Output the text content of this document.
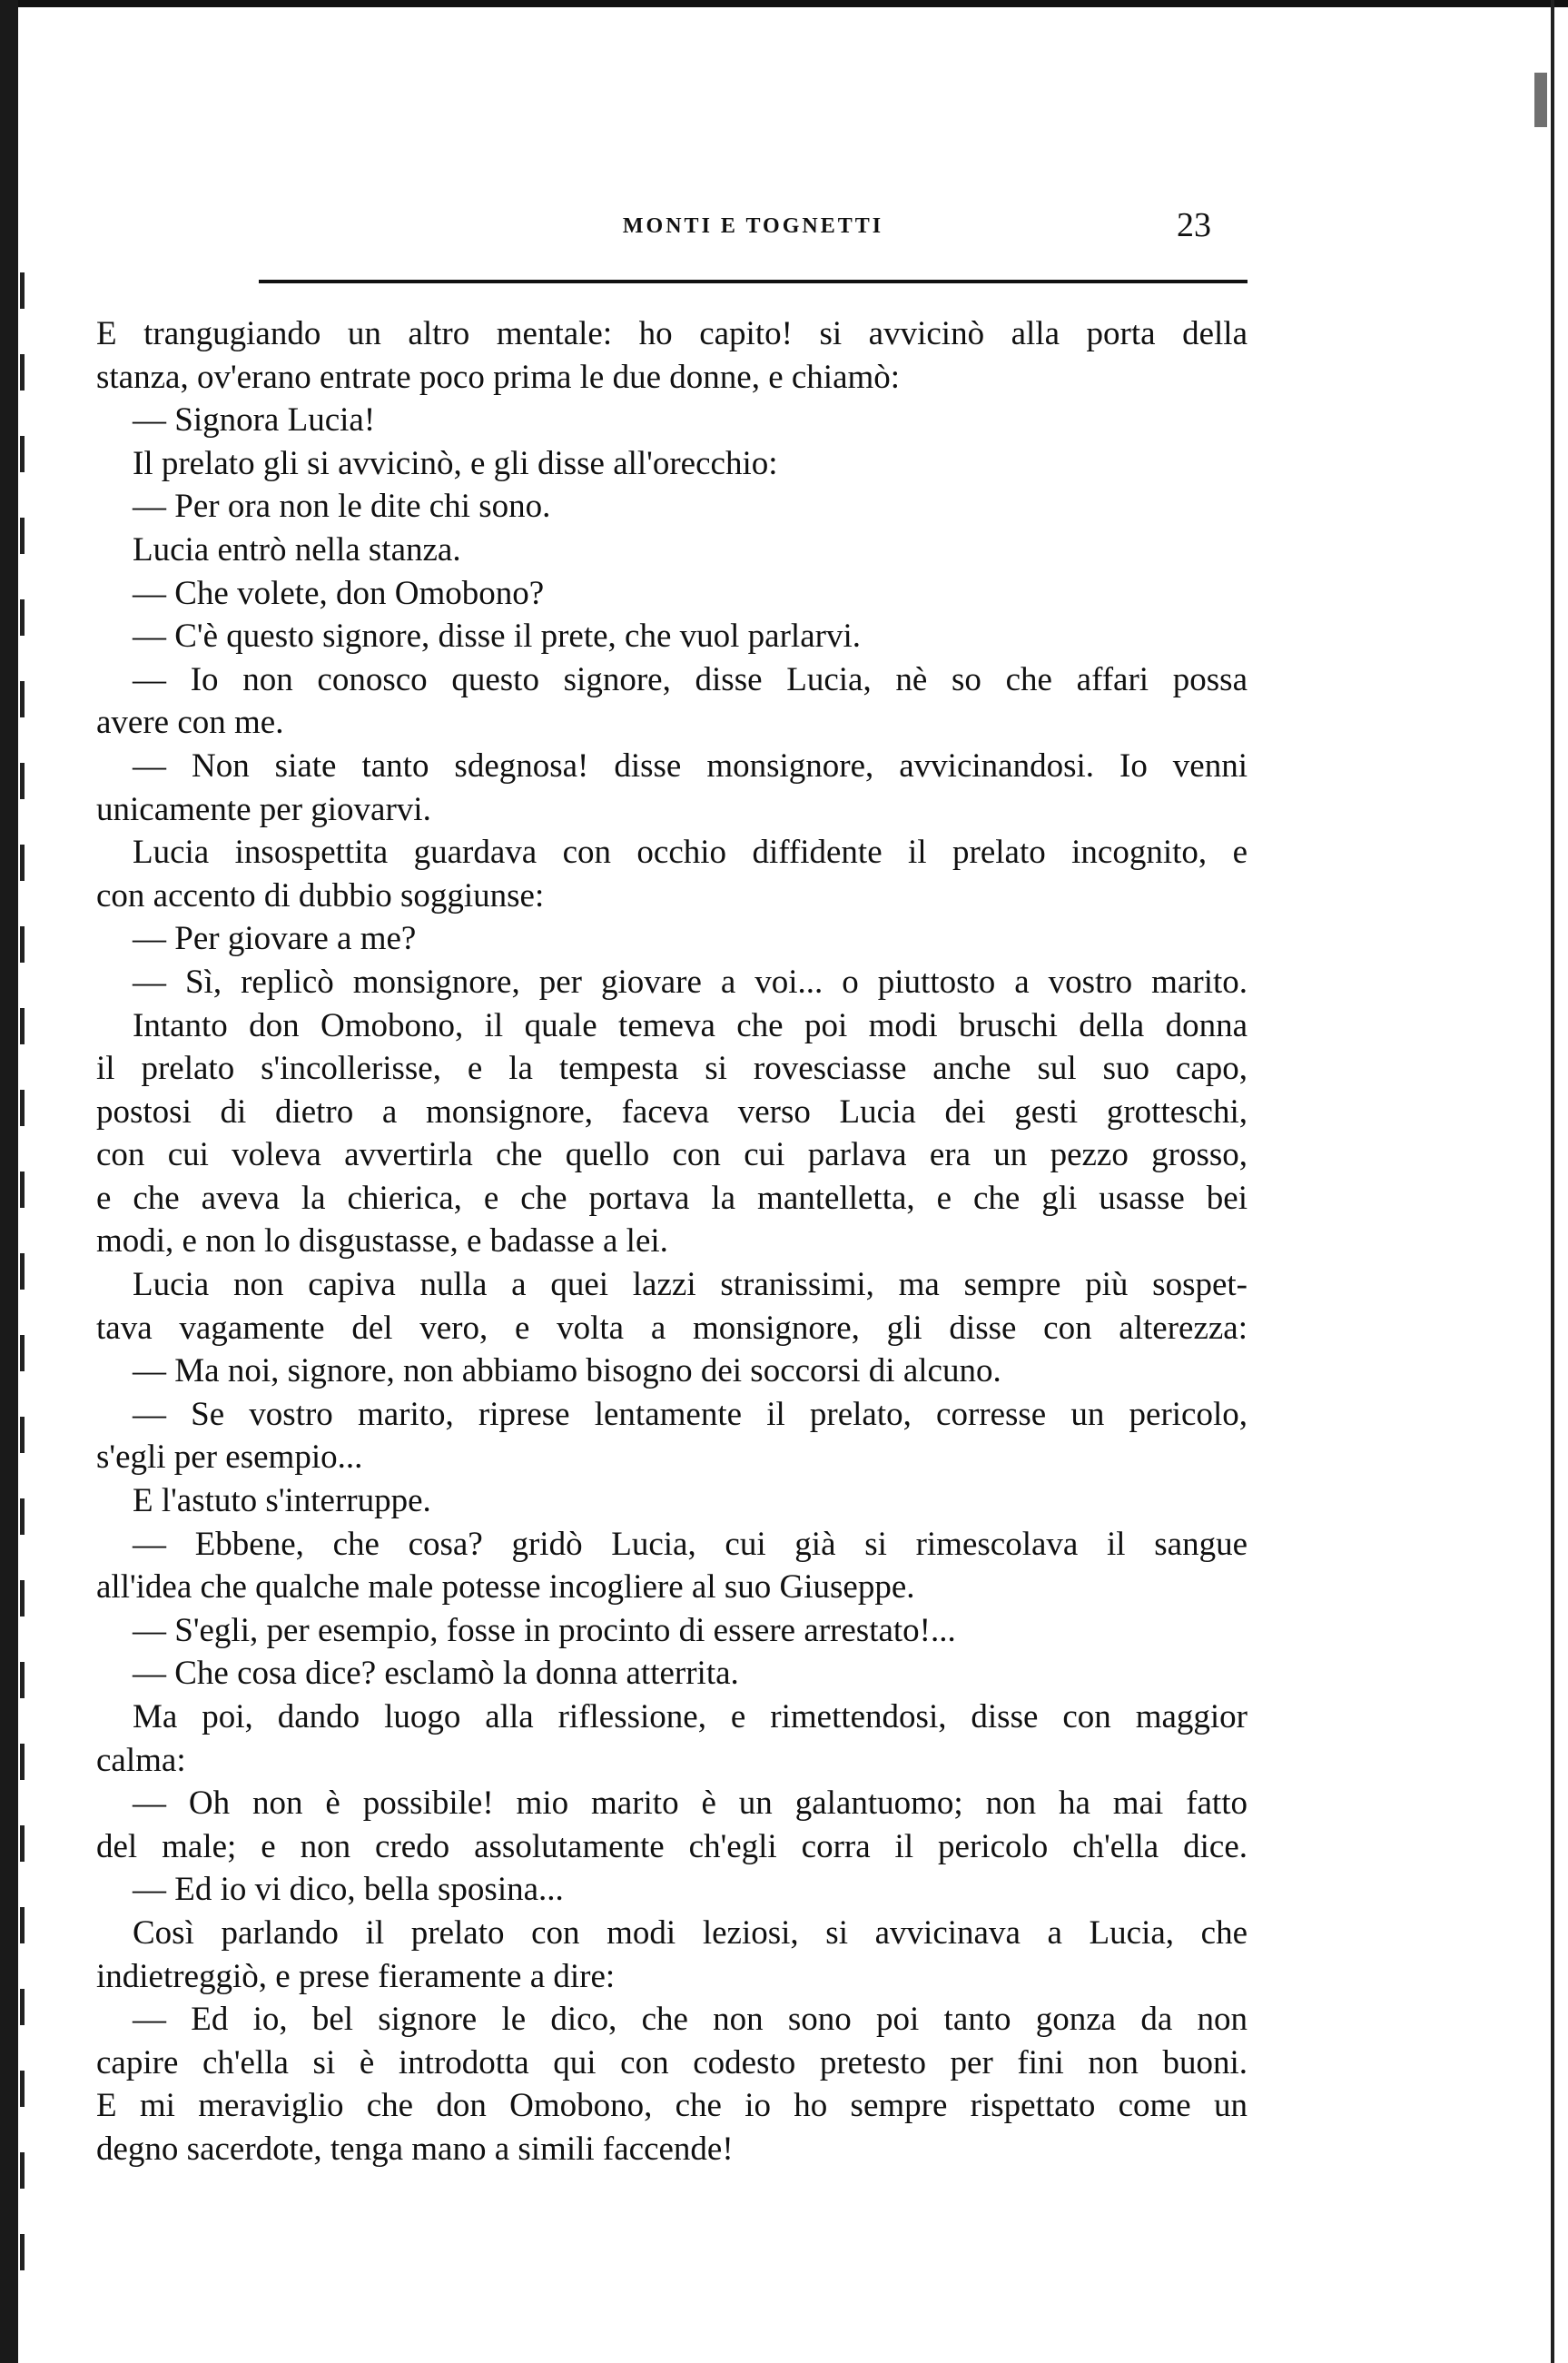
MONTI E TOGNETTI	23
E trangugiando un altro mentale: ho capito! si avvicinò alla porta della
stanza, ov'erano entrate poco prima le due donne, e chiamò:
— Signora Lucia!
Il prelato gli si avvicinò, e gli disse all'orecchio:
— Per ora non le dite chi sono.
Lucia entrò nella stanza.
— Che volete, don Omobono?
— C'è questo signore, disse il prete, che vuol parlarvi.
— Io non conosco questo signore, disse Lucia, nè so che affari possa
avere con me.
— Non siate tanto sdegnosa! disse monsignore, avvicinandosi. Io venni
unicamente per giovarvi.
Lucia insospettita guardava con occhio diffidente il prelato incognito, e
con accento di dubbio soggiunse:
— Per giovare a me?
— Sì, replicò monsignore, per giovare a voi... o piuttosto a vostro marito.
Intanto don Omobono, il quale temeva che poi modi bruschi della donna
il prelato s'incollerisse, e la tempesta si rovesciasse anche sul suo capo,
postosi di dietro a monsignore, faceva verso Lucia dei gesti grotteschi,
con cui voleva avvertirla che quello con cui parlava era un pezzo grosso,
e che aveva la chierica, e che portava la mantelletta, e che gli usasse bei
modi, e non lo disgustasse, e badasse a lei.
Lucia non capiva nulla a quei lazzi stranissimi, ma sempre più sospet-
tava vagamente del vero, e volta a monsignore, gli disse con alterezza:
— Ma noi, signore, non abbiamo bisogno dei soccorsi di alcuno.
— Se vostro marito, riprese lentamente il prelato, corresse un pericolo,
s'egli per esempio...
E l'astuto s'interruppe.
— Ebbene, che cosa? gridò Lucia, cui già si rimescolava il sangue
all'idea che qualche male potesse incogliere al suo Giuseppe.
— S'egli, per esempio, fosse in procinto di essere arrestato!...
— Che cosa dice? esclamò la donna atterrita.
Ma poi, dando luogo alla riflessione, e rimettendosi, disse con maggior
calma:
— Oh non è possibile! mio marito è un galantuomo; non ha mai fatto
del male; e non credo assolutamente ch'egli corra il pericolo ch'ella dice.
— Ed io vi dico, bella sposina...
Così parlando il prelato con modi leziosi, si avvicinava a Lucia, che
indietreggiò, e prese fieramente a dire:
— Ed io, bel signore le dico, che non sono poi tanto gonza da non
capire ch'ella si è introdotta qui con codesto pretesto per fini non buoni.
E mi meraviglio che don Omobono, che io ho sempre rispettato come un
degno sacerdote, tenga mano a simili faccende!
